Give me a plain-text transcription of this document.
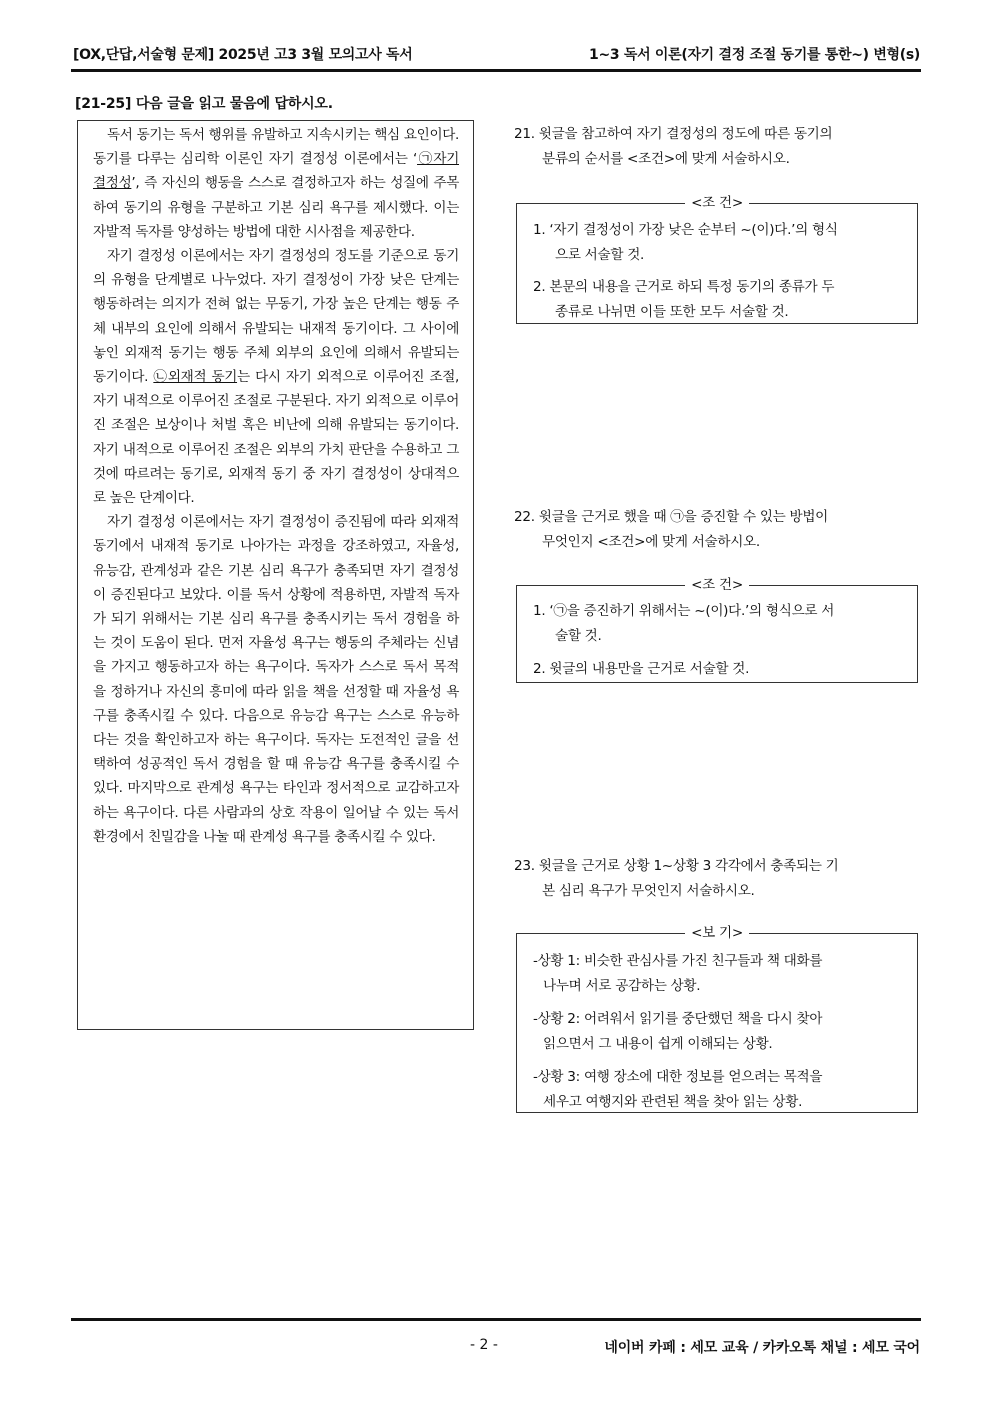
[OX,단답,서술형 문제] 2025년 고3 3월 모의고사 독서	1~3 독서 이론(자기 결정 조절 동기를 통한~) 변형(s)
[21-25] 다음 글을 읽고 물음에 답하시오.

독서 동기는 독서 행위를 유발하고 지속시키는 핵심 요인이다. 동기를 다루는 심리학 이론인 자기 결정성 이론에서는 ‘㉠자기 결정성’, 즉 자신의 행동을 스스로 결정하고자 하는 성질에 주목하여 동기의 유형을 구분하고 기본 심리 욕구를 제시했다. 이는 자발적 독자를 양성하는 방법에 대한 시사점을 제공한다.

자기 결정성 이론에서는 자기 결정성의 정도를 기준으로 동기의 유형을 단계별로 나누었다. 자기 결정성이 가장 낮은 단계는 행동하려는 의지가 전혀 없는 무동기, 가장 높은 단계는 행동 주체 내부의 요인에 의해서 유발되는 내재적 동기이다. 그 사이에 놓인 외재적 동기는 행동 주체 외부의 요인에 의해서 유발되는 동기이다. ㉡외재적 동기는 다시 자기 외적으로 이루어진 조절, 자기 내적으로 이루어진 조절로 구분된다. 자기 외적으로 이루어진 조절은 보상이나 처벌 혹은 비난에 의해 유발되는 동기이다. 자기 내적으로 이루어진 조절은 외부의 가치 판단을 수용하고 그것에 따르려는 동기로, 외재적 동기 중 자기 결정성이 상대적으로 높은 단계이다.

자기 결정성 이론에서는 자기 결정성이 증진됨에 따라 외재적 동기에서 내재적 동기로 나아가는 과정을 강조하였고, 자율성, 유능감, 관계성과 같은 기본 심리 욕구가 충족되면 자기 결정성이 증진된다고 보았다. 이를 독서 상황에 적용하면, 자발적 독자가 되기 위해서는 기본 심리 욕구를 충족시키는 독서 경험을 하는 것이 도움이 된다. 먼저 자율성 욕구는 행동의 주체라는 신념을 가지고 행동하고자 하는 욕구이다. 독자가 스스로 독서 목적을 정하거나 자신의 흥미에 따라 읽을 책을 선정할 때 자율성 욕구를 충족시킬 수 있다. 다음으로 유능감 욕구는 스스로 유능하다는 것을 확인하고자 하는 욕구이다. 독자는 도전적인 글을 선택하여 성공적인 독서 경험을 할 때 유능감 욕구를 충족시킬 수 있다. 마지막으로 관계성 욕구는 타인과 정서적으로 교감하고자 하는 욕구이다. 다른 사람과의 상호 작용이 일어날 수 있는 독서 환경에서 친밀감을 나눌 때 관계성 욕구를 충족시킬 수 있다.

21. 윗글을 참고하여 자기 결정성의 정도에 따른 동기의
분류의 순서를 <조건>에 맞게 서술하시오.
<조 건>
1. ‘자기 결정성이 가장 낮은 순부터 ~(이)다.’의 형식
으로 서술할 것.
2. 본문의 내용을 근거로 하되 특정 동기의 종류가 두
종류로 나뉘면 이들 또한 모두 서술할 것.
22. 윗글을 근거로 했을 때 ㉠을 증진할 수 있는 방법이
무엇인지 <조건>에 맞게 서술하시오.
<조 건>
1. ‘㉠을 증진하기 위해서는 ~(이)다.’의 형식으로 서
술할 것.
2. 윗글의 내용만을 근거로 서술할 것.
23. 윗글을 근거로 상황 1~상황 3 각각에서 충족되는 기
본 심리 욕구가 무엇인지 서술하시오.
<보 기>
-상황 1: 비슷한 관심사를 가진 친구들과 책 대화를
나누며 서로 공감하는 상황.
-상황 2: 어려워서 읽기를 중단했던 책을 다시 찾아
읽으면서 그 내용이 쉽게 이해되는 상황.
-상황 3: 여행 장소에 대한 정보를 얻으려는 목적을
세우고 여행지와 관련된 책을 찾아 읽는 상황.
- 2 -	네이버 카페 : 세모 교육 / 카카오톡 채널 : 세모 국어
